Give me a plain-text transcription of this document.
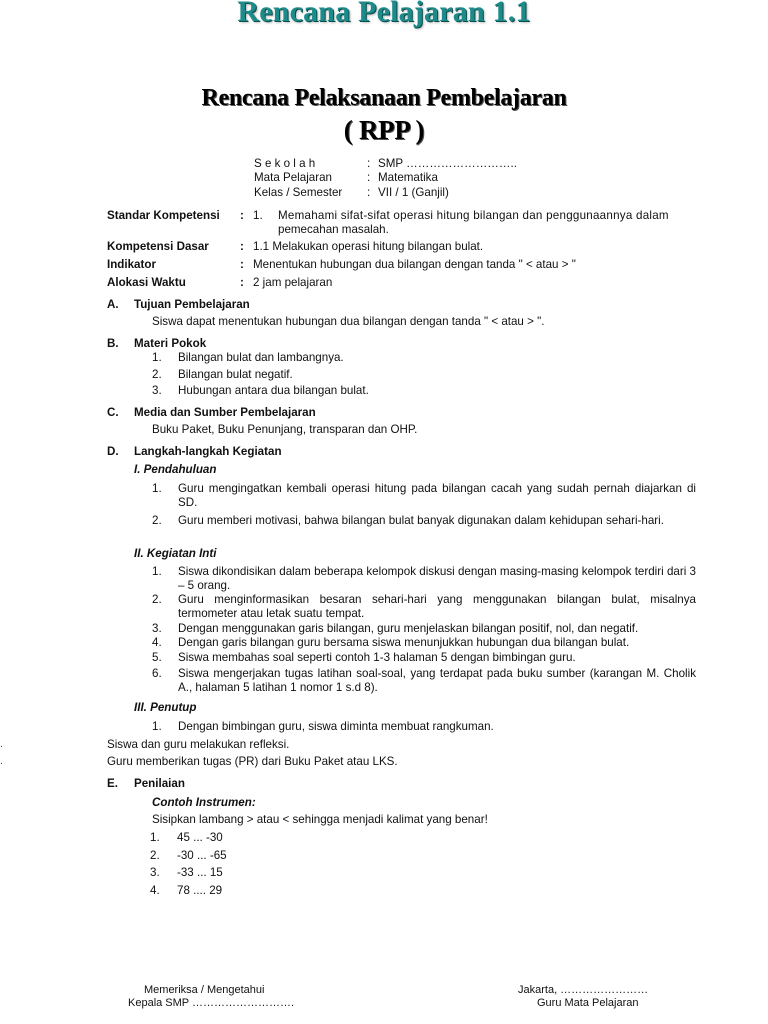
Rencana Pelajaran 1.1
Rencana Pelaksanaan Pembelajaran
( RPP )
S e k o l a h	: SMP ………………………..
Mata Pelajaran	: Matematika
Kelas / Semester : VII / 1 (Ganjil)
Standar Kompetensi : 1. Memahami sifat-sifat operasi hitung bilangan dan penggunaannya dalam
pemecahan masalah.
Kompetensi Dasar	: 1.1 Melakukan operasi hitung bilangan bulat.
Indikator	: Menentukan hubungan dua bilangan dengan tanda " < atau > "
Alokasi Waktu	: 2 jam pelajaran
A. Tujuan Pembelajaran
Siswa dapat menentukan hubungan dua bilangan dengan tanda " < atau > ".
B. Materi Pokok
1. Bilangan bulat dan lambangnya.
2. Bilangan bulat negatif.
3. Hubungan antara dua bilangan bulat.
C. Media dan Sumber Pembelajaran
Buku Paket, Buku Penunjang, transparan dan OHP.
D. Langkah-langkah Kegiatan
I. Pendahuluan
1. Guru mengingatkan kembali operasi hitung pada bilangan cacah yang sudah pernah diajarkan di SD.
2. Guru memberi motivasi, bahwa bilangan bulat banyak digunakan dalam kehidupan sehari-hari.
II. Kegiatan Inti
1. Siswa dikondisikan dalam beberapa kelompok diskusi dengan masing-masing kelompok terdiri dari 3 – 5 orang.
2. Guru menginformasikan besaran sehari-hari yang menggunakan bilangan bulat, misalnya termometer atau letak suatu tempat.
3. Dengan menggunakan garis bilangan, guru menjelaskan bilangan positif, nol, dan negatif.
4. Dengan garis bilangan guru bersama siswa menunjukkan hubungan dua bilangan bulat.
5. Siswa membahas soal seperti contoh 1-3 halaman 5 dengan bimbingan guru.
6. Siswa mengerjakan tugas latihan soal-soal, yang terdapat pada buku sumber (karangan M. Cholik A., halaman 5 latihan 1 nomor 1 s.d 8).
III. Penutup
1. Dengan bimbingan guru, siswa diminta membuat rangkuman.
.	Siswa dan guru melakukan refleksi.
.	Guru memberikan tugas (PR) dari Buku Paket atau LKS.
E. Penilaian
Contoh Instrumen:
Sisipkan lambang > atau < sehingga menjadi kalimat yang benar!
1. 45 ... -30
2. -30 ... -65
3. -33 ... 15
4. 78 .... 29
Memeriksa / Mengetahui
Kepala SMP ……………………….
Jakarta, ……………………
Guru Mata Pelajaran
